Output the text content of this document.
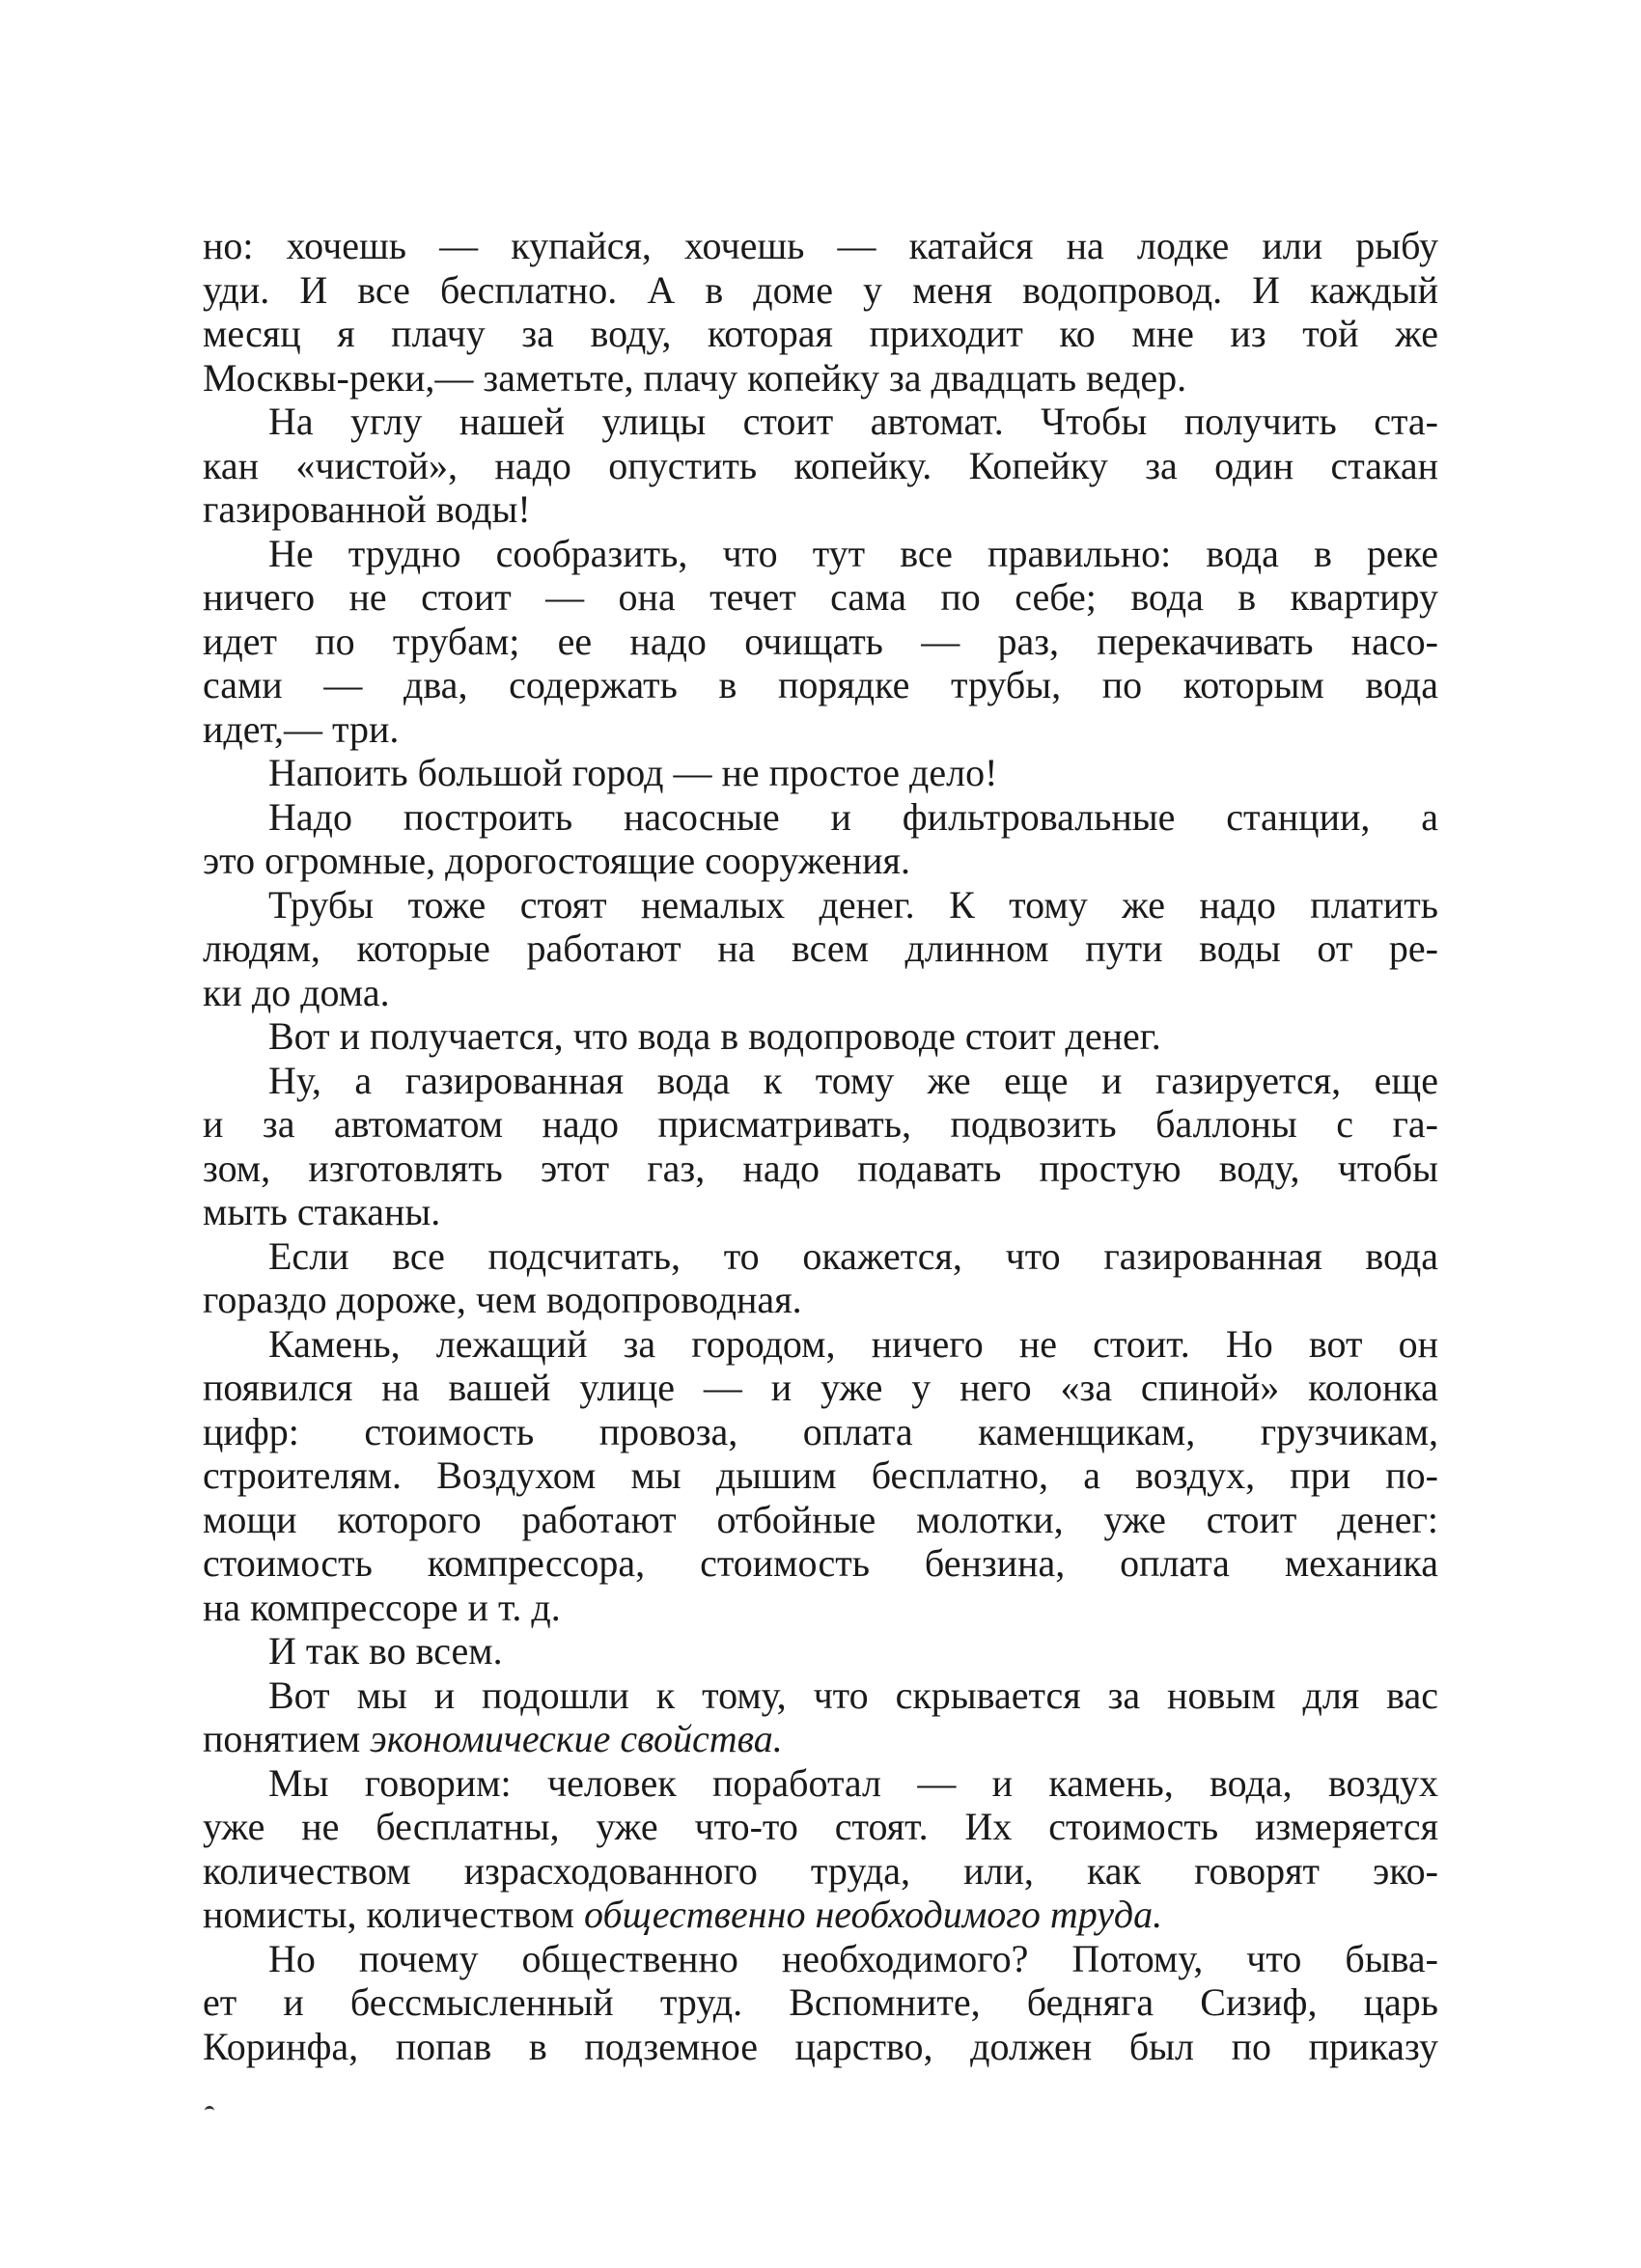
но: хочешь — купайся, хочешь — катайся на лодке или рыбу
уди. И все бесплатно. А в доме у меня водопровод. И каждый
месяц я плачу за воду, которая приходит ко мне из той же
Москвы-реки,— заметьте, плачу копейку за двадцать ведер.
На углу нашей улицы стоит автомат. Чтобы получить ста-
кан «чистой», надо опустить копейку. Копейку за один стакан
газированной воды!
Не трудно сообразить, что тут все правильно: вода в реке
ничего не стоит — она течет сама по себе; вода в квартиру
идет по трубам; ее надо очищать — раз, перекачивать насо-
сами — два, содержать в порядке трубы, по которым вода
идет,— три.
Напоить большой город — не простое дело!
Надо построить насосные и фильтровальные станции, а
это огромные, дорогостоящие сооружения.
Трубы тоже стоят немалых денег. К тому же надо платить
людям, которые работают на всем длинном пути воды от ре-
ки до дома.
Вот и получается, что вода в водопроводе стоит денег.
Ну, а газированная вода к тому же еще и газируется, еще
и за автоматом надо присматривать, подвозить баллоны с га-
зом, изготовлять этот газ, надо подавать простую воду, чтобы
мыть стаканы.
Если все подсчитать, то окажется, что газированная вода
гораздо дороже, чем водопроводная.
Камень, лежащий за городом, ничего не стоит. Но вот он
появился на вашей улице — и уже у него «за спиной» колонка
цифр: стоимость провоза, оплата каменщикам, грузчикам,
строителям. Воздухом мы дышим бесплатно, а воздух, при по-
мощи которого работают отбойные молотки, уже стоит денег:
стоимость компрессора, стоимость бензина, оплата механика
на компрессоре и т. д.
И так во всем.
Вот мы и подошли к тому, что скрывается за новым для вас
понятием экономические свойства.
Мы говорим: человек поработал — и камень, вода, воздух
уже не бесплатны, уже что-то стоят. Их стоимость измеряется
количеством израсходованного труда, или, как говорят эко-
номисты, количеством общественно необходимого труда.
Но почему общественно необходимого? Потому, что быва-
ет и бессмысленный труд. Вспомните, бедняга Сизиф, царь
Коринфа, попав в подземное царство, должен был по приказу
